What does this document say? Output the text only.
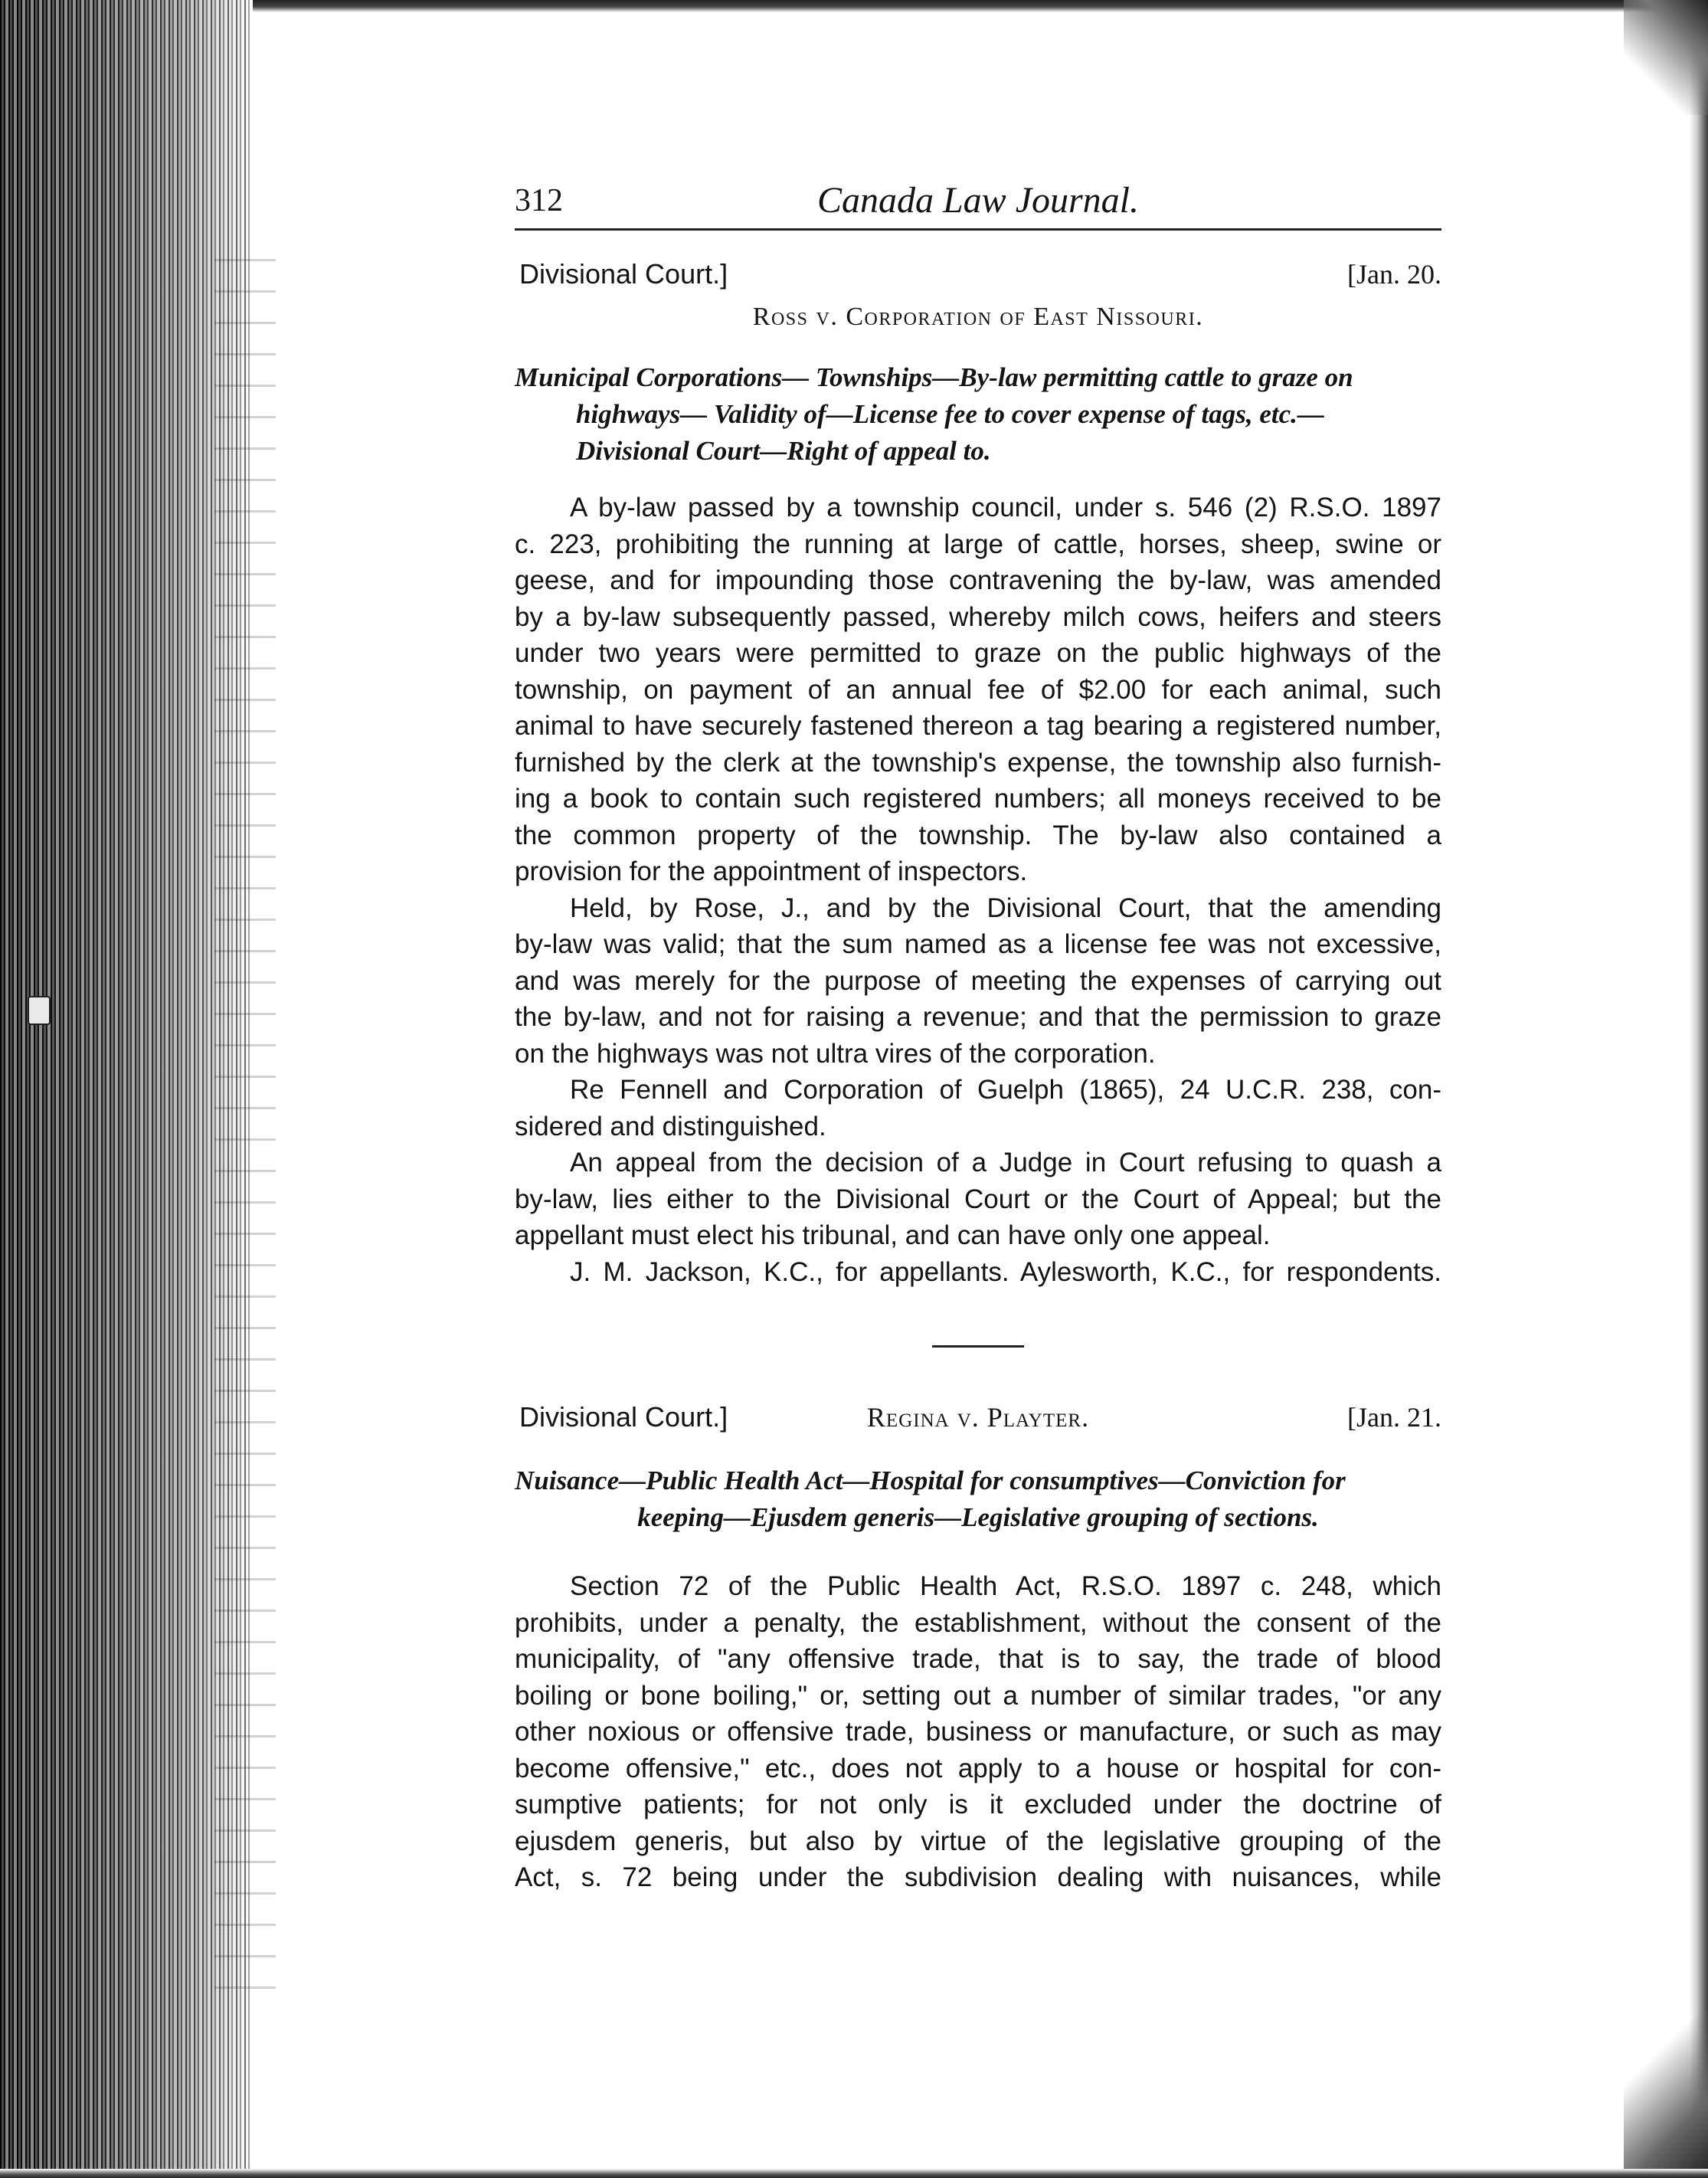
312	Canada Law Journal.
Divisional Court.]	[Jan. 20.
Ross v. Corporation of East Nissouri.
Municipal Corporations— Townships—By-law permitting cattle to graze on
highways— Validity of—License fee to cover expense of tags, etc.—
Divisional Court—Right of appeal to.

A by-law passed by a township council, under s. 546 (2) R.S.O. 1897
c. 223, prohibiting the running at large of cattle, horses, sheep, swine or
geese, and for impounding those contravening the by-law, was amended
by a by-law subsequently passed, whereby milch cows, heifers and steers
under two years were permitted to graze on the public highways of the
township, on payment of an annual fee of $2.00 for each animal, such
animal to have securely fastened thereon a tag bearing a registered number,
furnished by the clerk at the township's expense, the township also furnish-
ing a book to contain such registered numbers; all moneys received to be
the common property of the township. The by-law also contained a
provision for the appointment of inspectors.

Held, by Rose, J., and by the Divisional Court, that the amending
by-law was valid; that the sum named as a license fee was not excessive,
and was merely for the purpose of meeting the expenses of carrying out
the by-law, and not for raising a revenue; and that the permission to graze
on the highways was not ultra vires of the corporation.

Re Fennell and Corporation of Guelph (1865), 24 U.C.R. 238, con-
sidered and distinguished.

An appeal from the decision of a Judge in Court refusing to quash a
by-law, lies either to the Divisional Court or the Court of Appeal; but the
appellant must elect his tribunal, and can have only one appeal.

J. M. Jackson, K.C., for appellants. Aylesworth, K.C., for respondents.
Divisional Court.]	Regina v. Playter.	[Jan. 21.
Nuisance—Public Health Act—Hospital for consumptives—Conviction for
keeping—Ejusdem generis—Legislative grouping of sections.

Section 72 of the Public Health Act, R.S.O. 1897 c. 248, which
prohibits, under a penalty, the establishment, without the consent of the
municipality, of "any offensive trade, that is to say, the trade of blood
boiling or bone boiling," or, setting out a number of similar trades, "or any
other noxious or offensive trade, business or manufacture, or such as may
become offensive," etc., does not apply to a house or hospital for con-
sumptive patients; for not only is it excluded under the doctrine of
ejusdem generis, but also by virtue of the legislative grouping of the
Act, s. 72 being under the subdivision dealing with nuisances, while
